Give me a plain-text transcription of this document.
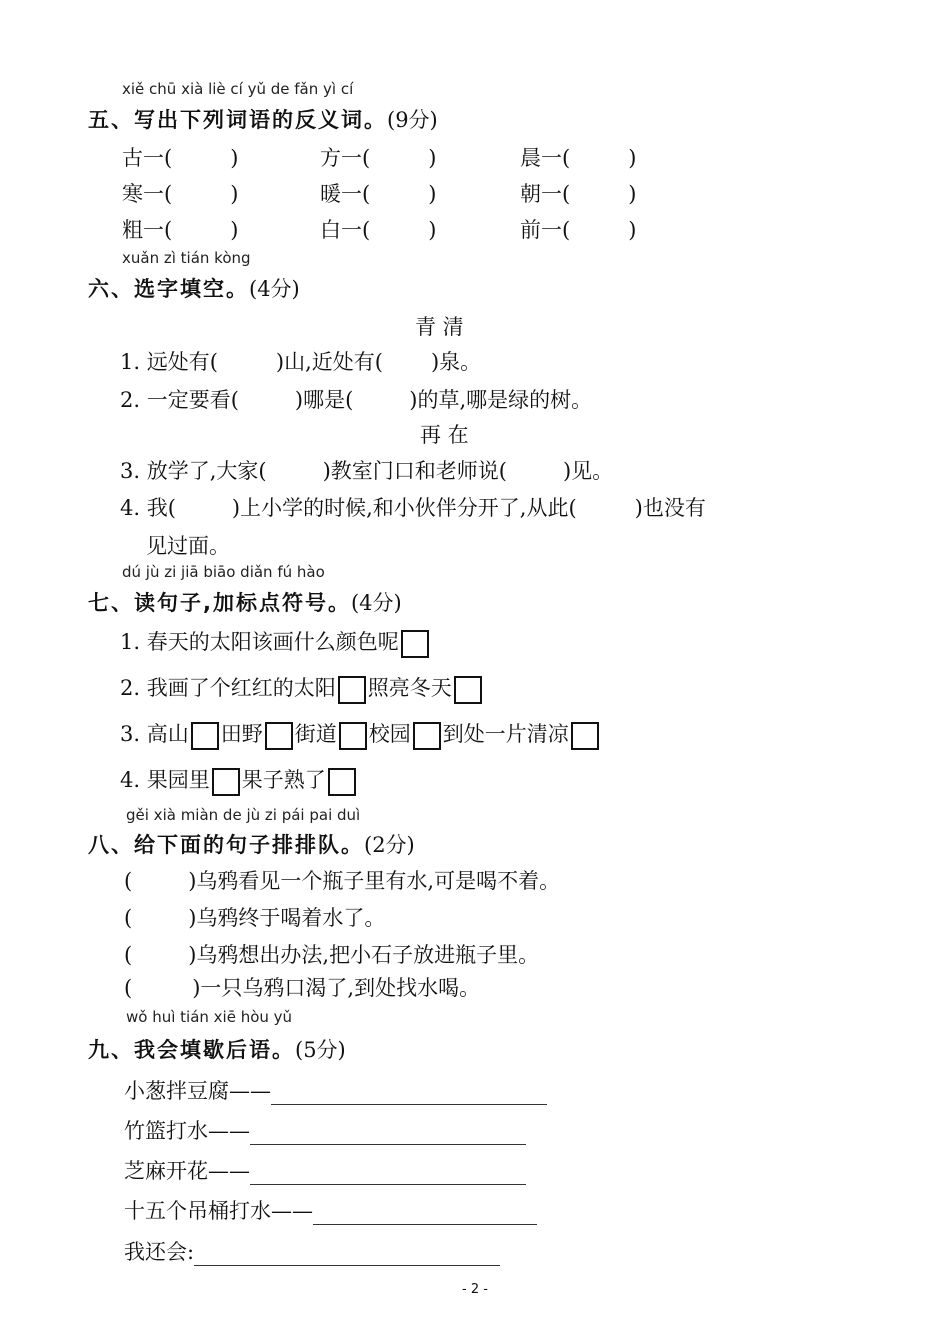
xiě chū xià liè cí yǔ de fǎn yì cí
五、写出下列词语的反义词。(9分)
古一(	)	方一(	)	晨一(	)
寒一(	)	暖一(	)	朝一(	)
粗一(	)	白一(	)	前一(	)
xuǎn zì tián kòng
六、选字填空。(4分)
青 清
1. 远处有(	)山,近处有( )泉。
2. 一定要看(	)哪是(	)的草,哪是绿的树。
再 在
3. 放学了,大家(	)教室门口和老师说(	)见。
4. 我(	)上小学的时候,和小伙伴分开了,从此(	)也没有
见过面。
dú jù zi jiā biāo diǎn fú hào
七、读句子,加标点符号。(4分)
1. 春天的太阳该画什么颜色呢
2. 我画了个红红的太阳 照亮冬天
3. 高山 田野 街道 校园 到处一片清凉
4. 果园里 果子熟了
gěi xià miàn de jù zi pái pai duì
八、给下面的句子排排队。(2分)
(	)乌鸦看见一个瓶子里有水,可是喝不着。
(	)乌鸦终于喝着水了。
(	)乌鸦想出办法,把小石子放进瓶子里。
(	)一只乌鸦口渴了,到处找水喝。
wǒ huì tián xiē hòu yǔ
九、我会填歇后语。(5分)
小葱拌豆腐——
竹篮打水——
芝麻开花——
十五个吊桶打水——
我还会:
- 2 -
